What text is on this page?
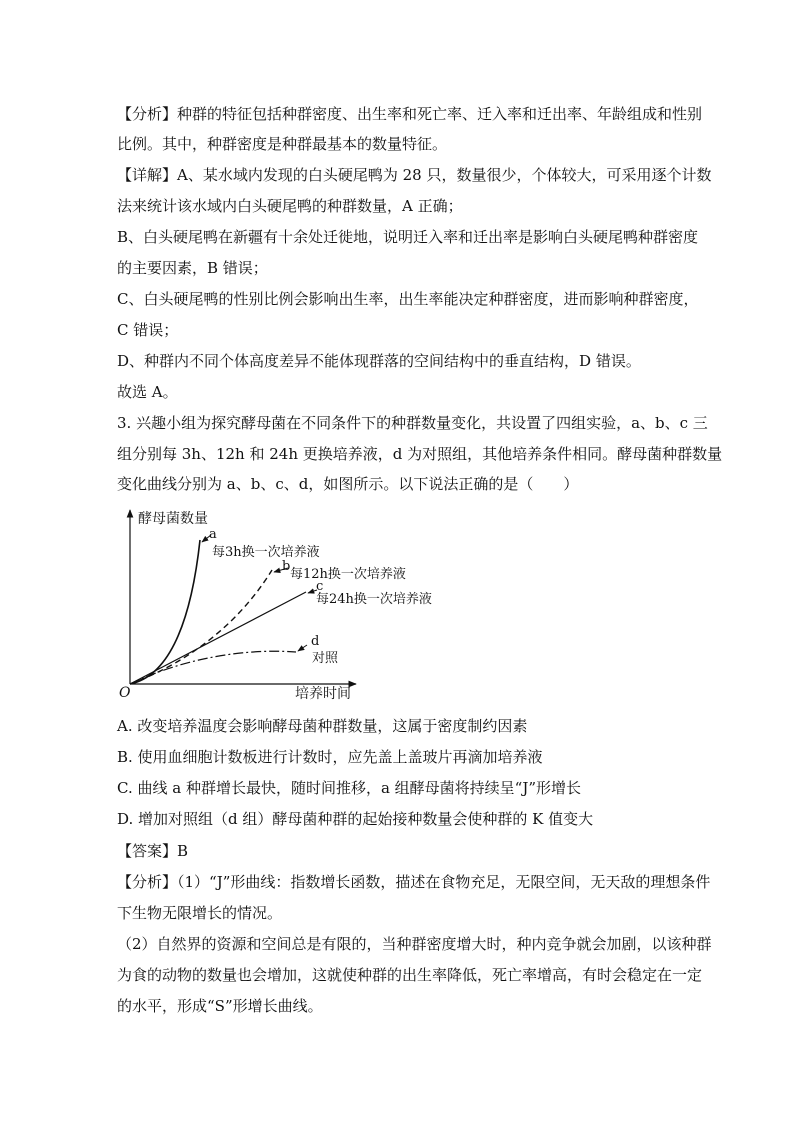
【分析】种群的特征包括种群密度、出生率和死亡率、迁入率和迁出率、年龄组成和性别
比例。其中，种群密度是种群最基本的数量特征。
【详解】A、某水域内发现的白头硬尾鸭为 28 只，数量很少，个体较大，可采用逐个计数
法来统计该水域内白头硬尾鸭的种群数量，A 正确；
B、白头硬尾鸭在新疆有十余处迁徙地，说明迁入率和迁出率是影响白头硬尾鸭种群密度
的主要因素，B 错误；
C、白头硬尾鸭的性别比例会影响出生率，出生率能决定种群密度，进而影响种群密度，
C 错误；
D、种群内不同个体高度差异不能体现群落的空间结构中的垂直结构，D 错误。
故选 A。
3. 兴趣小组为探究酵母菌在不同条件下的种群数量变化，共设置了四组实验，a、b、c 三
组分别每 3h、12h 和 24h 更换培养液，d 为对照组，其他培养条件相同。酵母菌种群数量
变化曲线分别为 a、b、c、d，如图所示。以下说法正确的是（　　）
酵母菌数量
培养时间
O
a
每3h换一次培养液
b
每12h换一次培养液
c
每24h换一次培养液
d
对照
A. 改变培养温度会影响酵母菌种群数量，这属于密度制约因素
B. 使用血细胞计数板进行计数时，应先盖上盖玻片再滴加培养液
C. 曲线 a 种群增长最快，随时间推移，a 组酵母菌将持续呈“J”形增长
D. 增加对照组（d 组）酵母菌种群的起始接种数量会使种群的 K 值变大
【答案】B
【分析】（1）“J”形曲线：指数增长函数，描述在食物充足，无限空间，无天敌的理想条件
下生物无限增长的情况。
（2）自然界的资源和空间总是有限的，当种群密度增大时，种内竞争就会加剧，以该种群
为食的动物的数量也会增加，这就使种群的出生率降低，死亡率增高，有时会稳定在一定
的水平，形成“S”形增长曲线。
